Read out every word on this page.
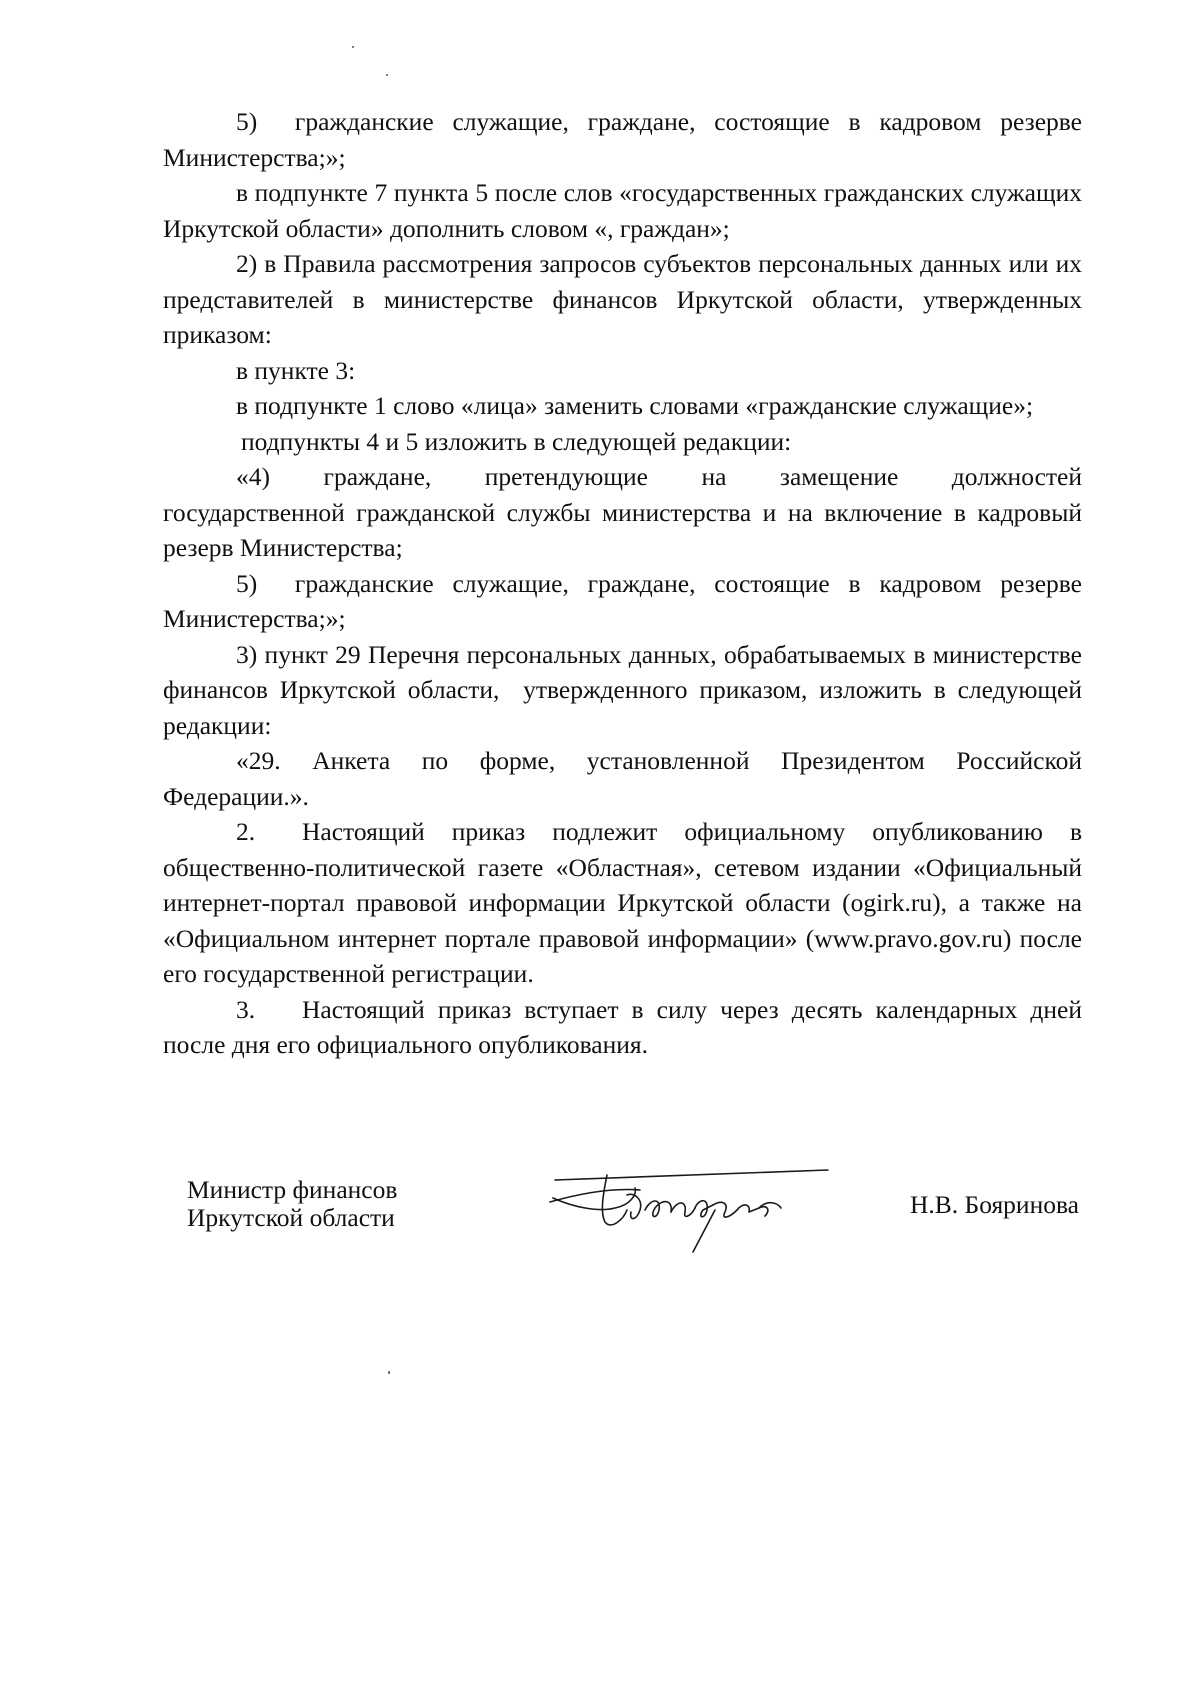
5)  гражданские служащие, граждане, состоящие в кадровом резерве Министерства;»;

в подпункте 7 пункта 5 после слов «государственных гражданских служащих Иркутской области» дополнить словом «, граждан»;

2) в Правила рассмотрения запросов субъектов персональных данных или их представителей в министерстве финансов Иркутской области, утвержденных приказом:

в пункте 3:

в подпункте 1 слово «лица» заменить словами «гражданские служащие»;

подпункты 4 и 5 изложить в следующей редакции:

«4)    граждане,    претендующие    на    замещение    должностей государственной гражданской службы министерства и на включение в кадровый резерв Министерства;

5)  гражданские служащие, граждане, состоящие в кадровом резерве Министерства;»;

3) пункт 29 Перечня персональных данных, обрабатываемых в министерстве финансов Иркутской области,  утвержденного приказом, изложить в следующей редакции:

«29. Анкета по форме, установленной Президентом Российской Федерации.».

2. Настоящий приказ подлежит официальному опубликованию в общественно-политической газете «Областная», сетевом издании «Официальный интернет-портал правовой информации Иркутской области (ogirk.ru), а также на «Официальном интернет портале правовой информации» (www.pravo.gov.ru) после его государственной регистрации.

3. Настоящий приказ вступает в силу через десять календарных дней после дня его официального опубликования.

Министр финансов
Иркутской области	Н.В. Бояринова
